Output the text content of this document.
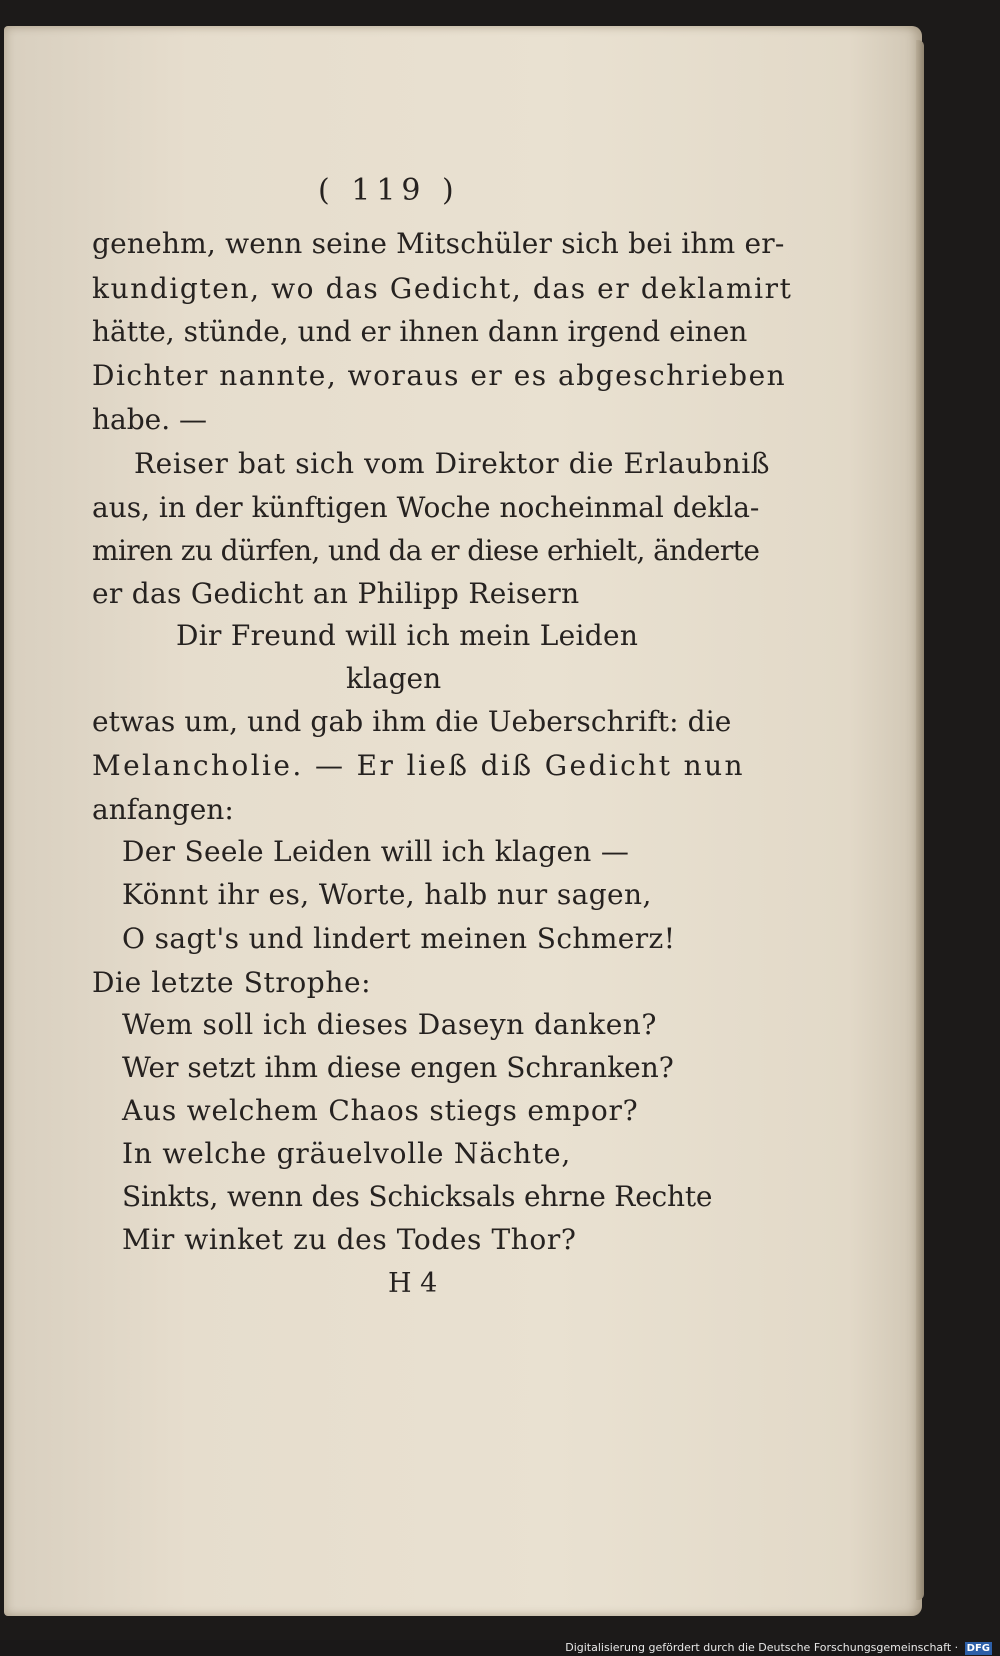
( 119 )
genehm, wenn seine Mitschüler sich bei ihm er-
kundigten, wo das Gedicht, das er deklamirt
hätte, stünde, und er ihnen dann irgend einen
Dichter nannte, woraus er es abgeschrieben
habe. —
Reiser bat sich vom Direktor die Erlaubniß
aus, in der künftigen Woche nocheinmal dekla-
miren zu dürfen, und da er diese erhielt, änderte
er das Gedicht an Philipp Reisern
Dir Freund will ich mein Leiden
klagen
etwas um, und gab ihm die Ueberschrift: die
Melancholie. — Er ließ diß Gedicht nun
anfangen:
Der Seele Leiden will ich klagen —
Könnt ihr es, Worte, halb nur sagen,
O sagt's und lindert meinen Schmerz!
Die letzte Strophe:
Wem soll ich dieses Daseyn danken?
Wer setzt ihm diese engen Schranken?
Aus welchem Chaos stiegs empor?
In welche gräuelvolle Nächte,
Sinkts, wenn des Schicksals ehrne Rechte
Mir winket zu des Todes Thor?
H 4
Digitalisierung gefördert durch die Deutsche Forschungsgemeinschaft · DFG
